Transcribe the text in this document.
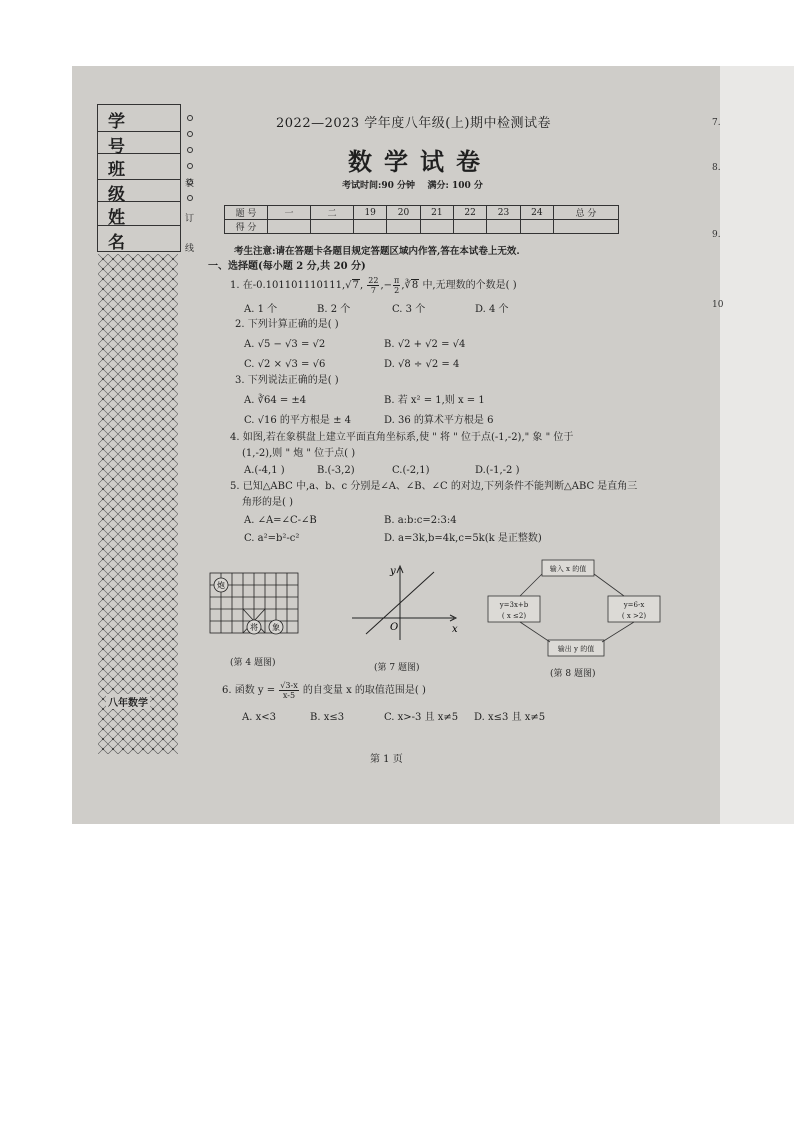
学 号
班 级
姓 名
装
订
线
八年数学
2022—2023 学年度八年级(上)期中检测试卷
数学试卷
考试时间:90 分钟    满分: 100 分
题 号	一	二	19	20	21	22	23	24	总 分
得 分									
考生注意:请在答题卡各题目规定答题区域内作答,答在本试卷上无效.
一、选择题(每小题 2 分,共 20 分)
1. 在-0.101101110111,√7, $\frac{22}{7}$ ,− $\frac{\pi}{2}$ ,∛8 中,无理数的个数是( )
A. 1 个	B. 2 个	C. 3 个	D. 4 个
2. 下列计算正确的是( )
A. √5 − √3 = √2	B. √2 + √2 = √4
C. √2 × √3 = √6	D. √8 ÷ √2 = 4
3. 下列说法正确的是( )
A. ∛64 = ±4	B. 若 x² = 1,则 x = 1
C. √16 的平方根是 ± 4	D. 36 的算术平方根是 6
4. 如图,若在象棋盘上建立平面直角坐标系,使 " 将 " 位于点(-1,-2)," 象 " 位于
(1,-2),则 " 炮 " 位于点( )
A.(-4,1 )	B.(-3,2)	C.(-2,1)	D.(-1,-2 )
5. 已知△ABC 中,a、b、c 分别是∠A、∠B、∠C 的对边,下列条件不能判断△ABC 是直角三
角形的是( )
A. ∠A=∠C-∠B	B. a:b:c=2:3:4
C. a²=b²-c²	D. a=3k,b=4k,c=5k(k 是正整数)
炮
将 象
(第 4 题图)
y
x
O
(第 7 题图)
输入 x 的值
y=3x+b
( x ≤2)
y=6-x
( x >2)
输出 y 的值
(第 8 题图)
6. 函数 $y = \frac{√3-x}{x-5}$ 的自变量 x 的取值范围是( )
A. x<3	B. x≤3	C. x>-3 且 x≠5 D. x≤3 且 x≠5
第 1 页
7.
8.
9.
10
